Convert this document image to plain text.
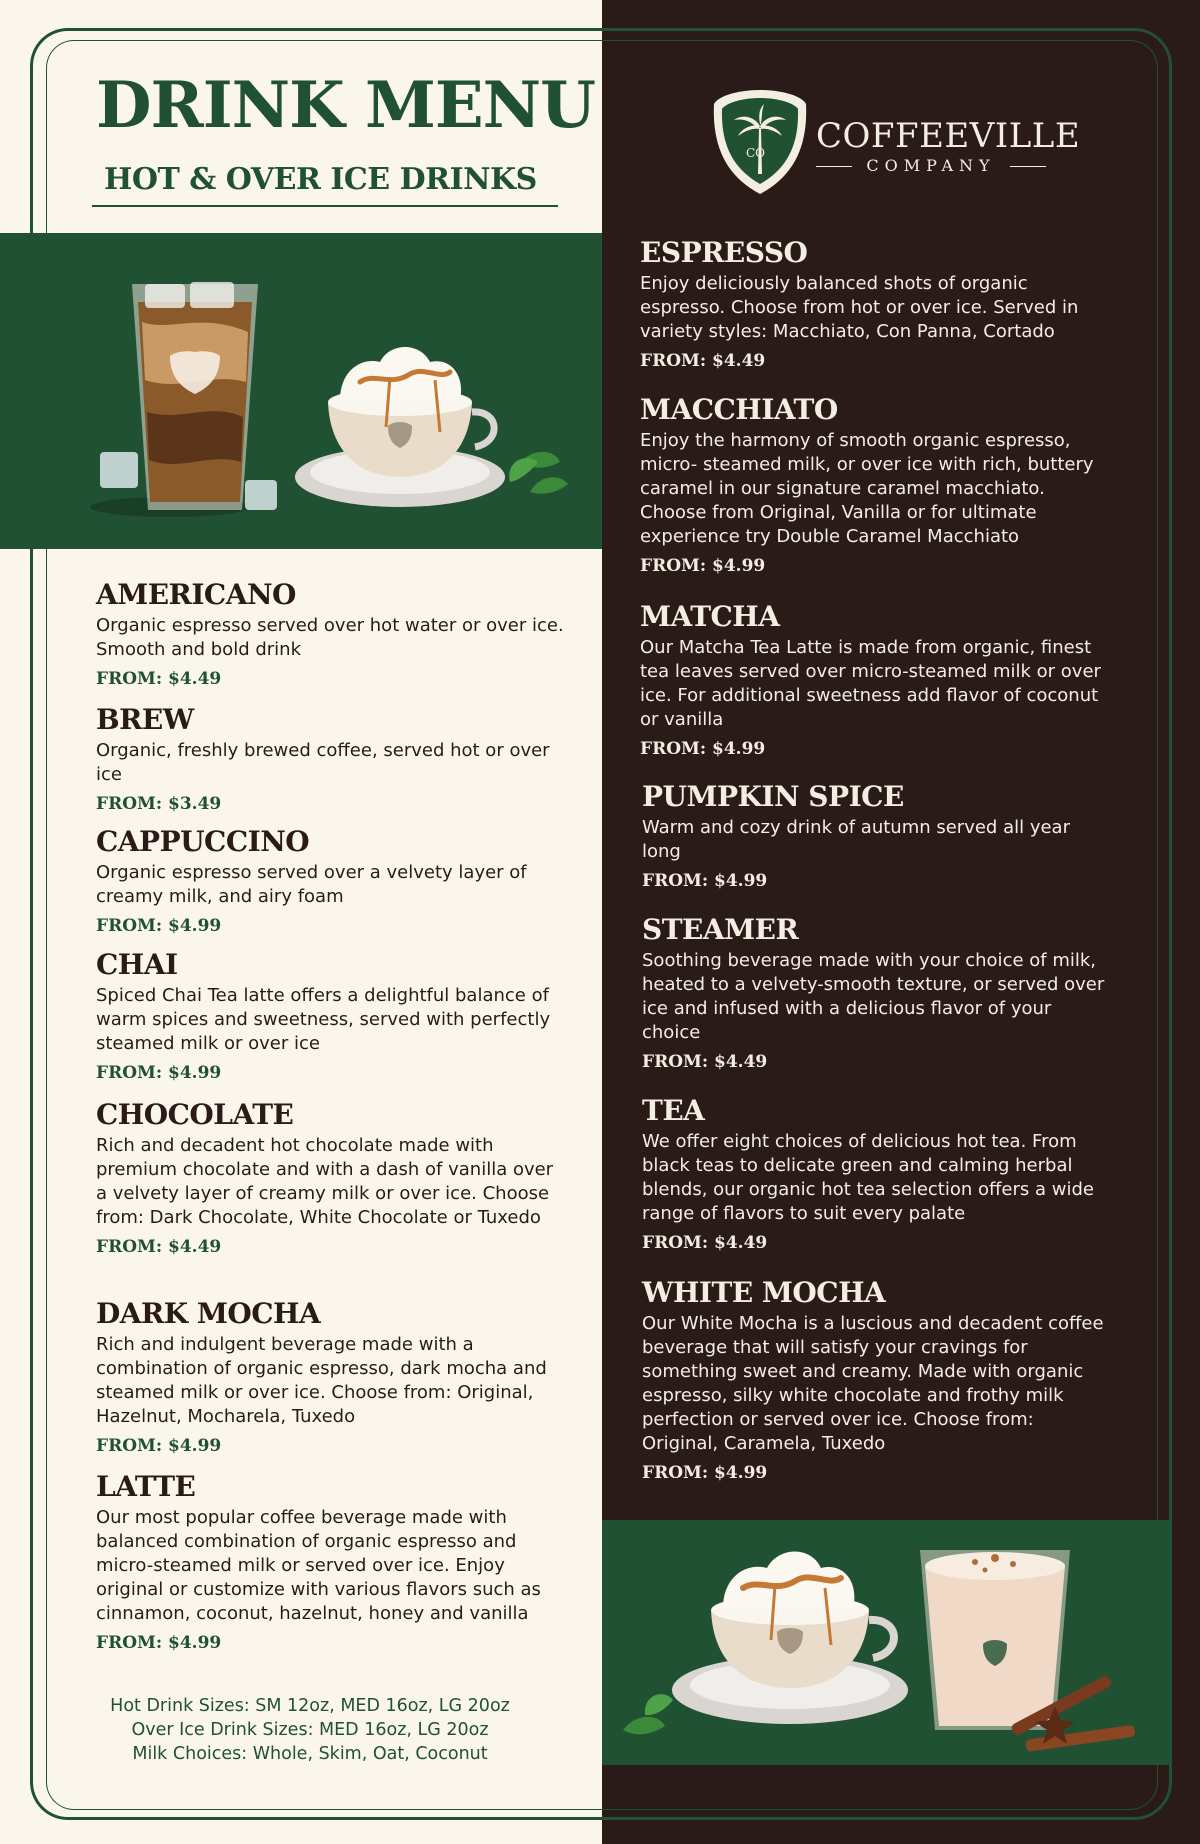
DRINK MENU
HOT & OVER ICE DRINKS
CO COFFEEVILLE
COMPANY
AMERICANO
Organic espresso served over hot water or over ice. Smooth and bold drink
FROM: $4.49
BREW
Organic, freshly brewed coffee, served hot or over ice
FROM: $3.49
CAPPUCCINO
Organic espresso served over a velvety layer of creamy milk, and airy foam
FROM: $4.99
CHAI
Spiced Chai Tea latte offers a delightful balance of warm spices and sweetness, served with perfectly steamed milk or over ice
FROM: $4.99
CHOCOLATE
Rich and decadent hot chocolate made with premium chocolate and with a dash of vanilla over a velvety layer of creamy milk or over ice. Choose from: Dark Chocolate, White Chocolate or Tuxedo
FROM: $4.49
DARK MOCHA
Rich and indulgent beverage made with a combination of organic espresso, dark mocha and steamed milk or over ice. Choose from: Original, Hazelnut, Mocharela, Tuxedo
FROM: $4.99
LATTE
Our most popular coffee beverage made with balanced combination of organic espresso and micro-steamed milk or served over ice. Enjoy original or customize with various flavors such as cinnamon, coconut, hazelnut, honey and vanilla
FROM: $4.99
Hot Drink Sizes: SM 12oz, MED 16oz, LG 20oz
Over Ice Drink Sizes: MED 16oz, LG 20oz
Milk Choices: Whole, Skim, Oat, Coconut
ESPRESSO
Enjoy deliciously balanced shots of organic espresso. Choose from hot or over ice. Served in variety styles: Macchiato, Con Panna, Cortado
FROM: $4.49
MACCHIATO
Enjoy the harmony of smooth organic espresso, micro- steamed milk, or over ice with rich, buttery caramel in our signature caramel macchiato. Choose from Original, Vanilla or for ultimate experience try Double Caramel Macchiato
FROM: $4.99
MATCHA
Our Matcha Tea Latte is made from organic, finest tea leaves served over micro-steamed milk or over ice. For additional sweetness add flavor of coconut or vanilla
FROM: $4.99
PUMPKIN SPICE
Warm and cozy drink of autumn served all year long
FROM: $4.99
STEAMER
Soothing beverage made with your choice of milk, heated to a velvety-smooth texture, or served over ice and infused with a delicious flavor of your choice
FROM: $4.49
TEA
We offer eight choices of delicious hot tea. From black teas to delicate green and calming herbal blends, our organic hot tea selection offers a wide range of flavors to suit every palate
FROM: $4.49
WHITE MOCHA
Our White Mocha is a luscious and decadent coffee beverage that will satisfy your cravings for something sweet and creamy. Made with organic espresso, silky white chocolate and frothy milk perfection or served over ice. Choose from: Original, Caramela, Tuxedo
FROM: $4.99
